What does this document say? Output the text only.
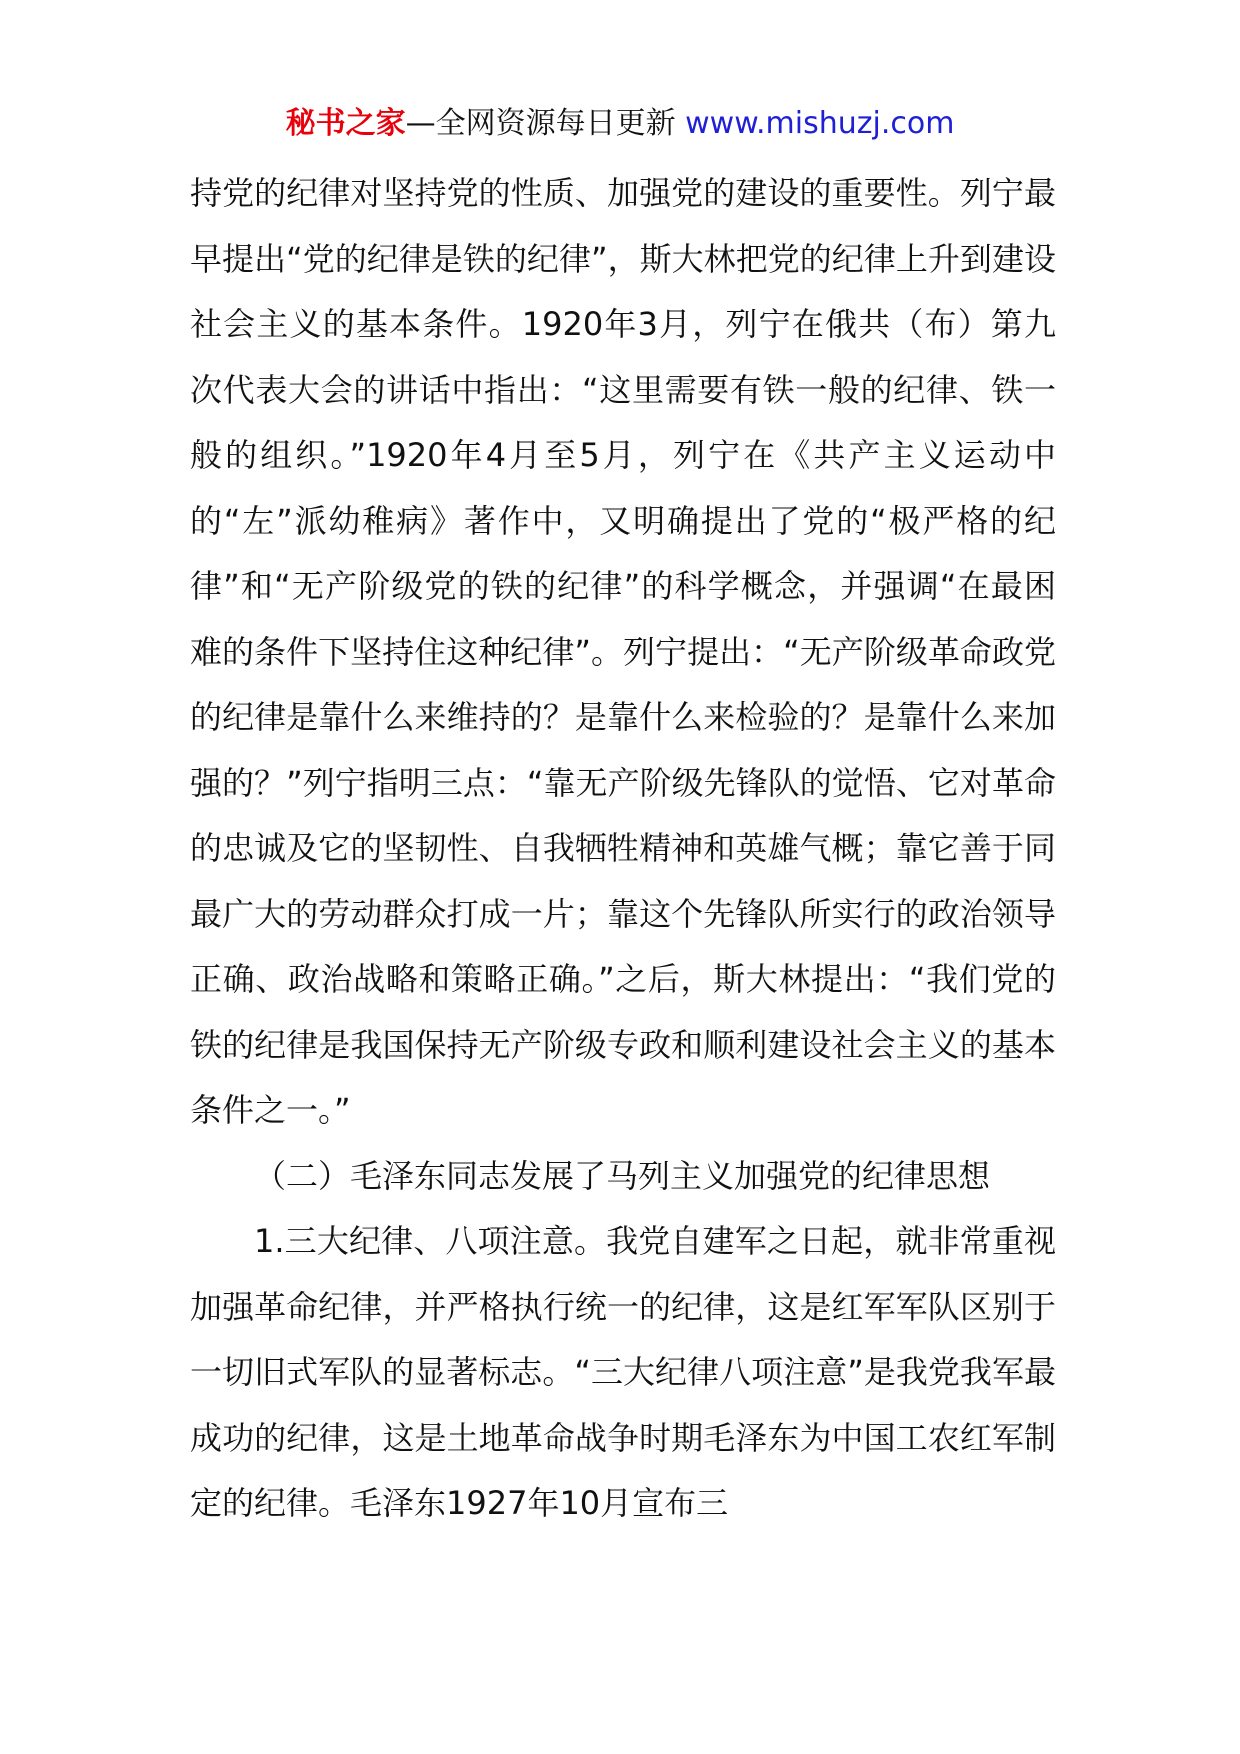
秘书之家—全网资源每日更新 www.mishuzj.com

持党的纪律对坚持党的性质、加强党的建设的重要性。列宁最早提出“党的纪律是铁的纪律”，斯大林把党的纪律上升到建设社会主义的基本条件。1920年3月，列宁在俄共（布）第九次代表大会的讲话中指出：“这里需要有铁一般的纪律、铁一般的组织。”1920年4月至5月，列宁在《共产主义运动中的“左”派幼稚病》著作中，又明确提出了党的“极严格的纪律”和“无产阶级党的铁的纪律”的科学概念，并强调“在最困难的条件下坚持住这种纪律”。列宁提出：“无产阶级革命政党的纪律是靠什么来维持的？是靠什么来检验的？是靠什么来加强的？”列宁指明三点：“靠无产阶级先锋队的觉悟、它对革命的忠诚及它的坚韧性、自我牺牲精神和英雄气概；靠它善于同最广大的劳动群众打成一片；靠这个先锋队所实行的政治领导正确、政治战略和策略正确。”之后，斯大林提出：“我们党的铁的纪律是我国保持无产阶级专政和顺利建设社会主义的基本条件之一。”

（二）毛泽东同志发展了马列主义加强党的纪律思想

1.三大纪律、八项注意。我党自建军之日起，就非常重视加强革命纪律，并严格执行统一的纪律，这是红军军队区别于一切旧式军队的显著标志。“三大纪律八项注意”是我党我军最成功的纪律，这是土地革命战争时期毛泽东为中国工农红军制定的纪律。毛泽东1927年10月宣布三
